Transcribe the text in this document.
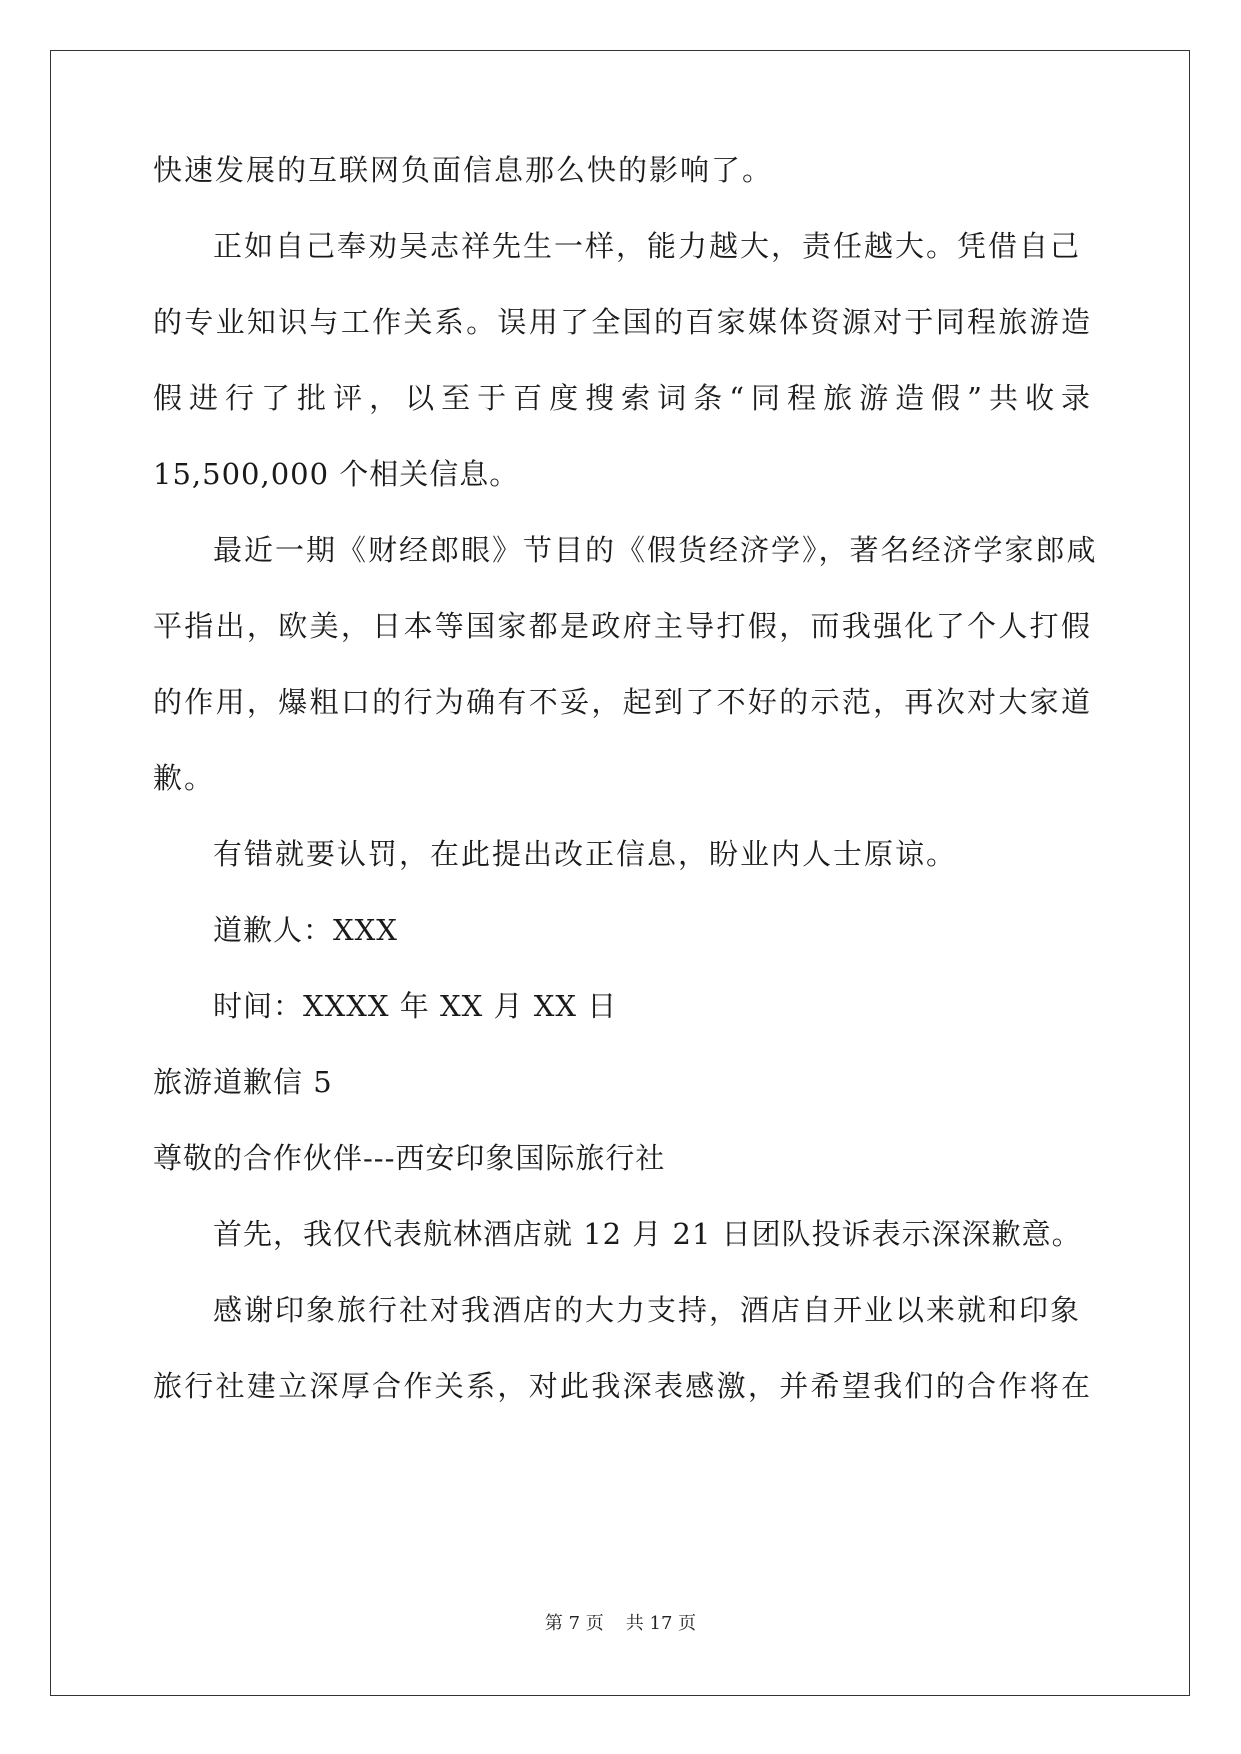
快速发展的互联网负面信息那么快的影响了。
正如自己奉劝吴志祥先生一样，能力越大，责任越大。凭借自己
的专业知识与工作关系。误用了全国的百家媒体资源对于同程旅游造
假进行了批评，以至于百度搜索词条“同程旅游造假”共收录
15,500,000 个相关信息。
最近一期《财经郎眼》节目的《假货经济学》，著名经济学家郎咸
平指出，欧美，日本等国家都是政府主导打假，而我强化了个人打假
的作用，爆粗口的行为确有不妥，起到了不好的示范，再次对大家道
歉。
有错就要认罚，在此提出改正信息，盼业内人士原谅。
道歉人：XXX
时间：XXXX 年 XX 月 XX 日
旅游道歉信 5
尊敬的合作伙伴---西安印象国际旅行社
首先，我仅代表航林酒店就 12 月 21 日团队投诉表示深深歉意。
感谢印象旅行社对我酒店的大力支持，酒店自开业以来就和印象
旅行社建立深厚合作关系，对此我深表感激，并希望我们的合作将在
第 7 页 共 17 页
